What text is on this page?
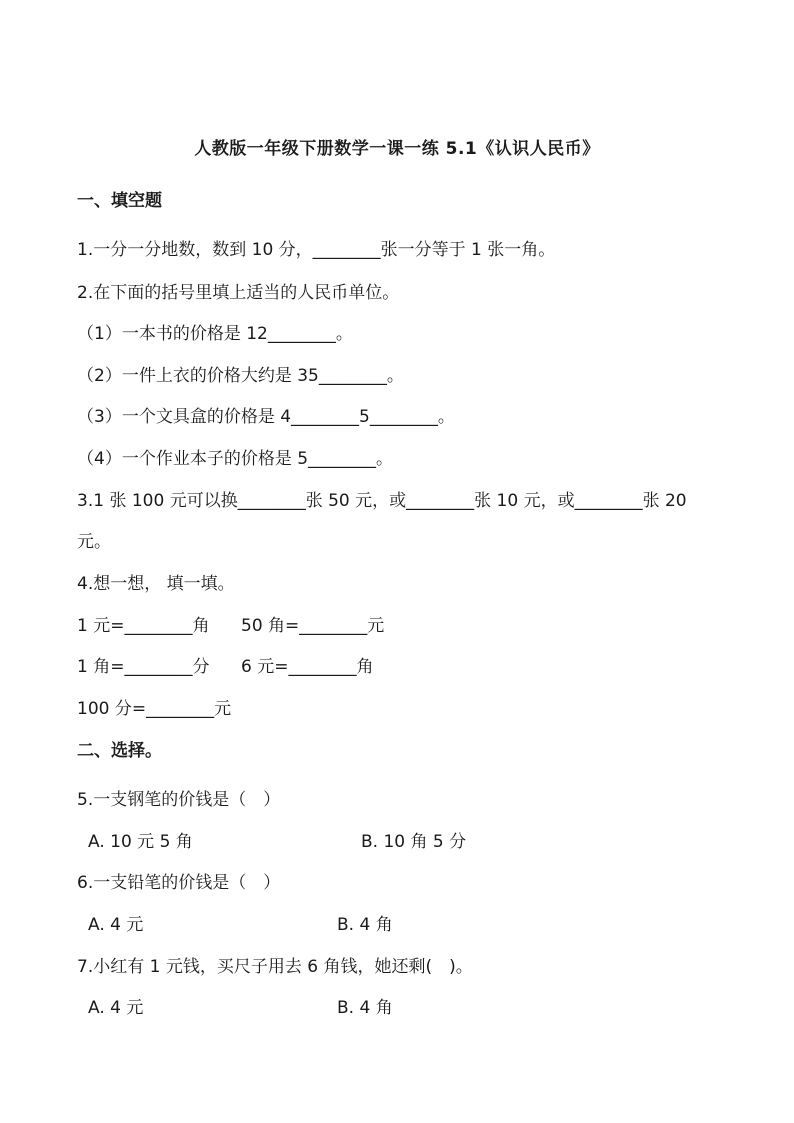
人教版一年级下册数学一课一练 5.1《认识人民币》
一、填空题
1.一分一分地数，数到 10 分，________张一分等于 1 张一角。
2.在下面的括号里填上适当的人民币单位。
（1）一本书的价格是 12________。
（2）一件上衣的价格大约是 35________。
（3）一个文具盒的价格是 4________5________。
（4）一个作业本子的价格是 5________。
3.1 张 100 元可以换________张 50 元，或________张 10 元，或________张 20
元。
4.想一想， 填一填。
1 元=________角 50 角=________元
1 角=________分 6 元=________角
100 分=________元
二、选择。
5.一支钢笔的价钱是（　）
A. 10 元 5 角	B. 10 角 5 分
6.一支铅笔的价钱是（　）
A. 4 元	B. 4 角
7.小红有 1 元钱，买尺子用去 6 角钱，她还剩(　)。
A. 4 元	B. 4 角
